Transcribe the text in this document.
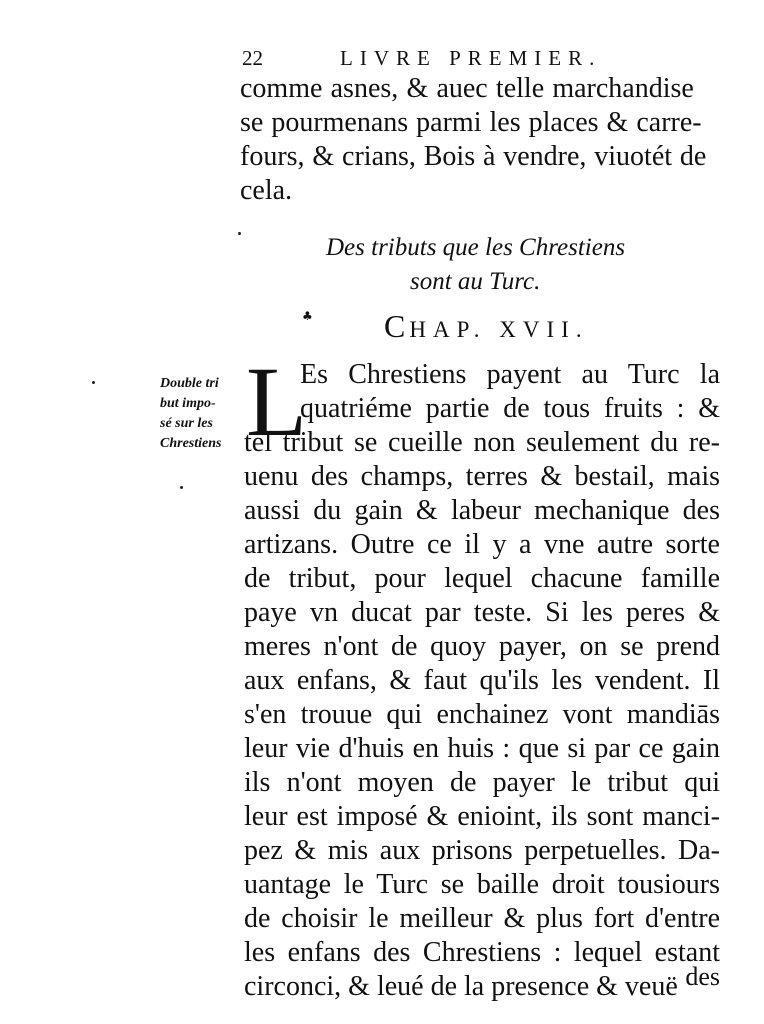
22	LIVRE PREMIER.
comme asnes, & auec telle marchandise
se pourmenans parmi les places & carre-
fours, & crians, Bois à vendre, viuotét de
cela.
Des tributs que les Chrestiens
sont au Turc.
♣ CHAP. XVII.
Double tri
but impo-
sé sur les
Chrestiens L
Es Chrestiens payent au Turc la
quatriéme partie de tous fruits : &
tel tribut se cueille non seulement du re-
uenu des champs, terres & bestail, mais
aussi du gain & labeur mechanique des
artizans. Outre ce il y a vne autre sorte
de tribut, pour lequel chacune famille
paye vn ducat par teste. Si les peres &
meres n'ont de quoy payer, on se prend
aux enfans, & faut qu'ils les vendent. Il
s'en trouue qui enchainez vont mandiās
leur vie d'huis en huis : que si par ce gain
ils n'ont moyen de payer le tribut qui
leur est imposé & enioint, ils sont manci-
pez & mis aux prisons perpetuelles. Da-
uantage le Turc se baille droit tousiours
de choisir le meilleur & plus fort d'entre
les enfans des Chrestiens : lequel estant
circonci, & leué de la presence & veuë des
